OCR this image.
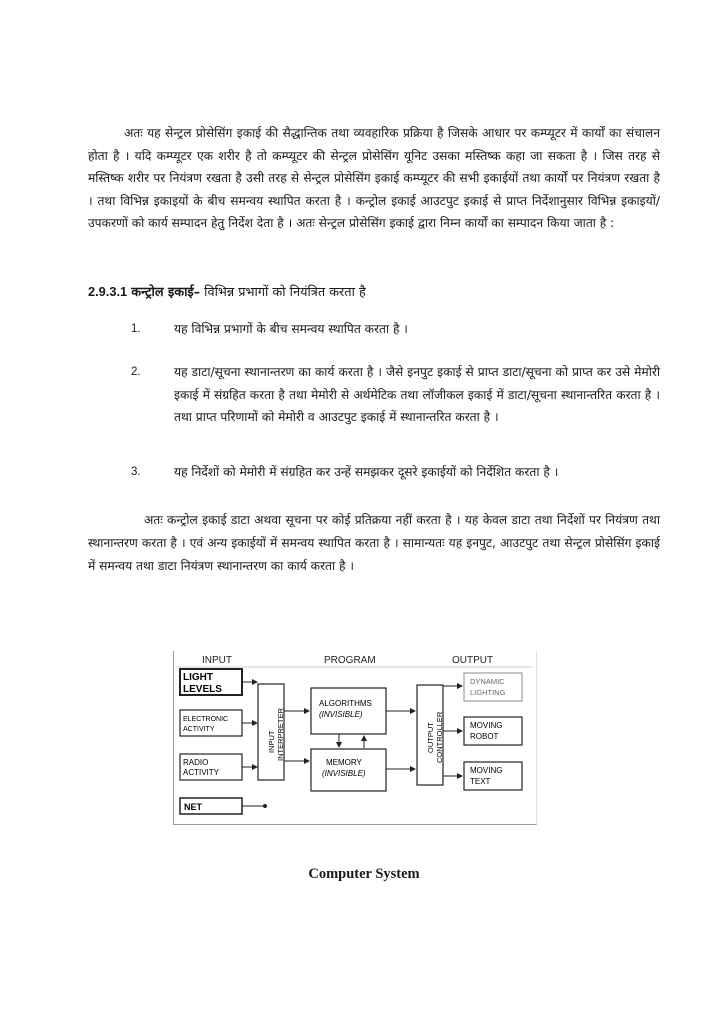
अतः यह सेन्ट्रल प्रोसेसिंग इकाई की सैद्धान्तिक तथा व्यवहारिक प्रक्रिया है जिसके आधार पर कम्प्यूटर में कार्यों का संचालन होता है । यदि कम्प्यूटर एक शरीर है तो कम्प्यूटर की सेन्ट्रल प्रोसेसिंग यूनिट उसका मस्तिष्क कहा जा सकता है । जिस तरह से मस्तिष्क शरीर पर नियंत्रण रखता है उसी तरह से सेन्ट्रल प्रोसेसिंग इकाई कम्प्यूटर की सभी इकाईयों तथा कार्यों पर नियंत्रण रखता है । तथा विभिन्न इकाइयों के बीच समन्वय स्थापित करता है । कन्ट्रोल इकाई आउटपुट इकाई से प्राप्त निर्देशानुसार विभिन्न इकाइयों/उपकरणों को कार्य सम्पादन हेतु निर्देश देता है । अतः सेन्ट्रल प्रोसेसिंग इकाई द्वारा निम्न कार्यों का सम्पादन किया जाता है :
2.9.3.1 कन्ट्रोल इकाई– विभिन्न प्रभागों को नियंत्रित करता है
1.	यह विभिन्न प्रभागों के बीच समन्वय स्थापित करता है ।
2.	यह डाटा/सूचना स्थानान्तरण का कार्य करता है । जैसे इनपुट इकाई से प्राप्त डाटा/सूचना को प्राप्त कर उसे मेमोरी इकाई में संग्रहित करता है तथा मेमोरी से अर्थमेटिक तथा लॉजीकल इकाई में डाटा/सूचना स्थानान्तरित करता है । तथा प्राप्त परिणामों को मेमोरी व आउटपुट इकाई में स्थानान्तरित करता है ।
3.	यह निर्देशों को मेमोरी में संग्रहित कर उन्हें समझकर दूसरे इकाईयों को निर्देशित करता है ।
अतः कन्ट्रोल इकाई डाटा अथवा सूचना पर कोई प्रतिक्रया नहीं करता है । यह केवल डाटा तथा निर्देशों पर नियंत्रण तथा स्थानान्तरण करता है । एवं अन्य इकाईयों में समन्वय स्थापित करता है । सामान्यतः यह इनपुट, आउटपुट तथा सेन्ट्रल प्रोसेसिंग इकाई में समन्वय तथा डाटा नियंत्रण स्थानान्तरण का कार्य करता है ।
INPUT	PROGRAM	OUTPUT
LIGHT
LEVELS
ELECTRONIC
ACTIVITY
RADIO
ACTIVITY
NET
INPUT INTERPRETER
ALGORITHMS
(INVISIBLE)
MEMORY
(INVISIBLE)
OUTPUT CONTROLLER
DYNAMIC
LIGHTING
MOVING
ROBOT
MOVING
TEXT
Computer System
